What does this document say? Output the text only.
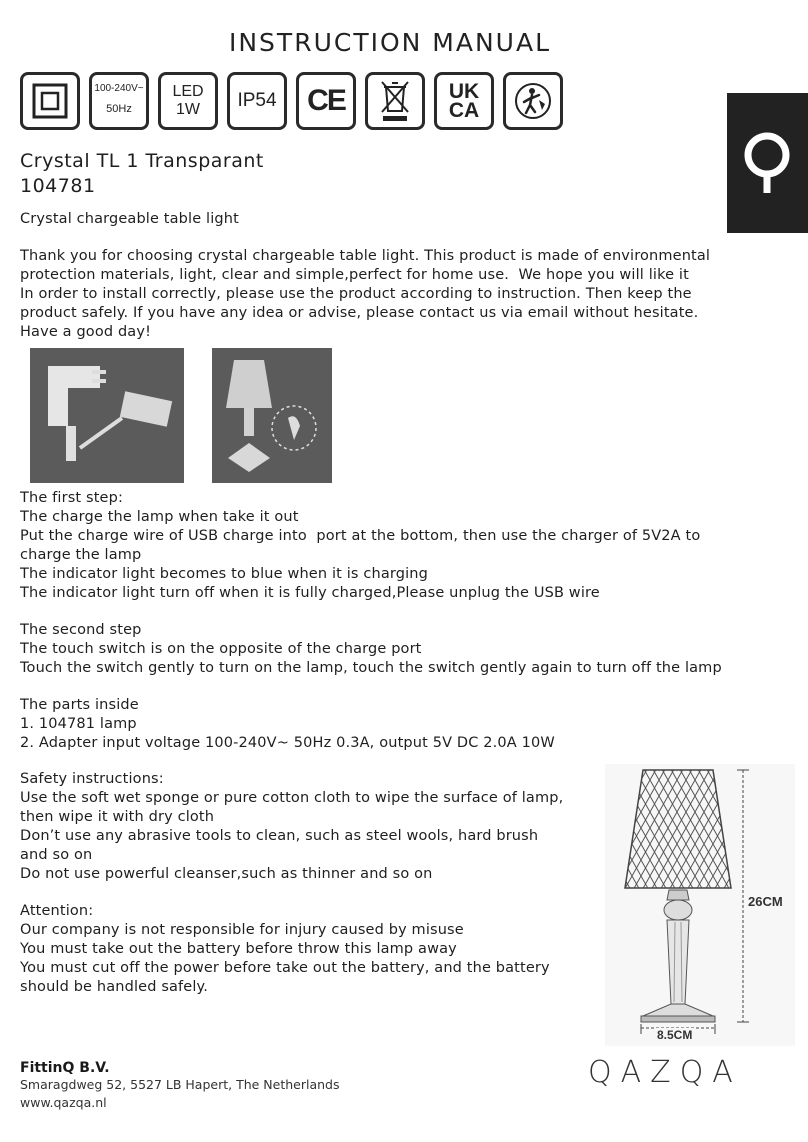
INSTRUCTION MANUAL
100-240V~
50Hz
LED 1W	IP54 CE	UK
CA
Crystal TL 1 Transparant
104781
Crystal chargeable table light
Thank you for choosing crystal chargeable table light. This product is made of environmental
protection materials, light, clear and simple,perfect for home use.  We hope you will like it
In order to install correctly, please use the product according to instruction. Then keep the
product safely. If you have any idea or advise, please contact us via email without hesitate.
Have a good day!
The first step:
The charge the lamp when take it out
Put the charge wire of USB charge into  port at the bottom, then use the charger of 5V2A to
charge the lamp
The indicator light becomes to blue when it is charging
The indicator light turn off when it is fully charged,Please unplug the USB wire
The second step
The touch switch is on the opposite of the charge port
Touch the switch gently to turn on the lamp, touch the switch gently again to turn off the lamp
The parts inside
1. 104781 lamp
2. Adapter input voltage 100-240V~ 50Hz 0.3A, output 5V DC 2.0A 10W
Safety instructions:
Use the soft wet sponge or pure cotton cloth to wipe the surface of lamp,
then wipe it with dry cloth
Don’t use any abrasive tools to clean, such as steel wools, hard brush
and so on
Do not use powerful cleanser,such as thinner and so on
Attention:
Our company is not responsible for injury caused by misuse
You must take out the battery before throw this lamp away
You must cut off the power before take out the battery, and the battery
should be handled safely.
26CM
8.5CM
FittinQ B.V.
Smaragdweg 52, 5527 LB Hapert, The Netherlands
www.qazqa.nl
QAZQA
